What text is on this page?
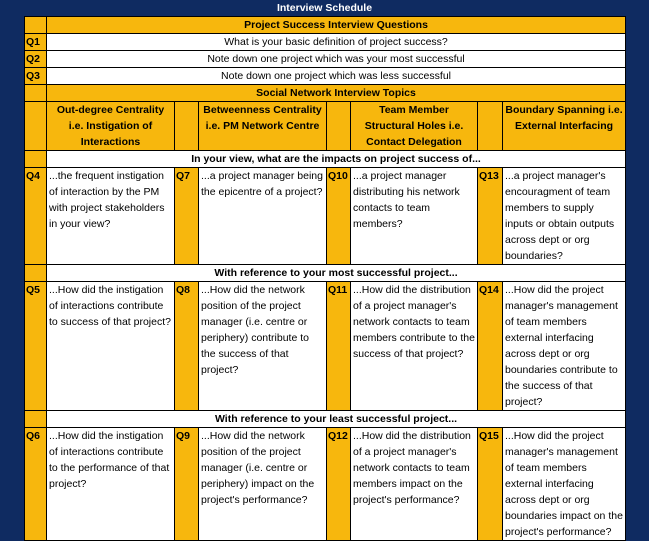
Interview Schedule
	Project Success Interview Questions						
Q1	What is your basic definition of project success?						
Q2	Note down one project which was your most successful						
Q3	Note down one project which was less successful						
	Social Network Interview Topics						
	Out-degree Centrality i.e. Instigation of Interactions		Betweenness Centrality i.e. PM Network Centre		Team Member Structural Holes i.e. Contact Delegation		Boundary Spanning i.e. External Interfacing
	In your view, what are the impacts on project success of...						
Q4	...the frequent instigation of interaction by the PM with project stakeholders in your view?	Q7	...a project manager being the epicentre of a project?	Q10	...a project manager distributing his network contacts to team members?	Q13	...a project manager's encouragment of team members to supply inputs or obtain outputs across dept or org boundaries?
	With reference to your most successful project...						
Q5	...How did the instigation of interactions contribute to success of that project?	Q8	...How did the network position of the project manager (i.e. centre or periphery) contribute to the success of that project?	Q11	...How did the distribution of a project manager's network contacts to team members contribute to the success of that project?	Q14	...How did the project manager's management of team members external interfacing across dept or org boundaries contribute to the success of that project?
	With reference to your least successful project...						
Q6	...How did the instigation of interactions contribute to the performance of that project?	Q9	...How did the network position of the project manager (i.e. centre or periphery) impact on the project's performance?	Q12	...How did the distribution of a project manager's network contacts to team members impact on the project's performance?	Q15	...How did the project manager's management of team members external interfacing across dept or org boundaries impact on the project's performance?
